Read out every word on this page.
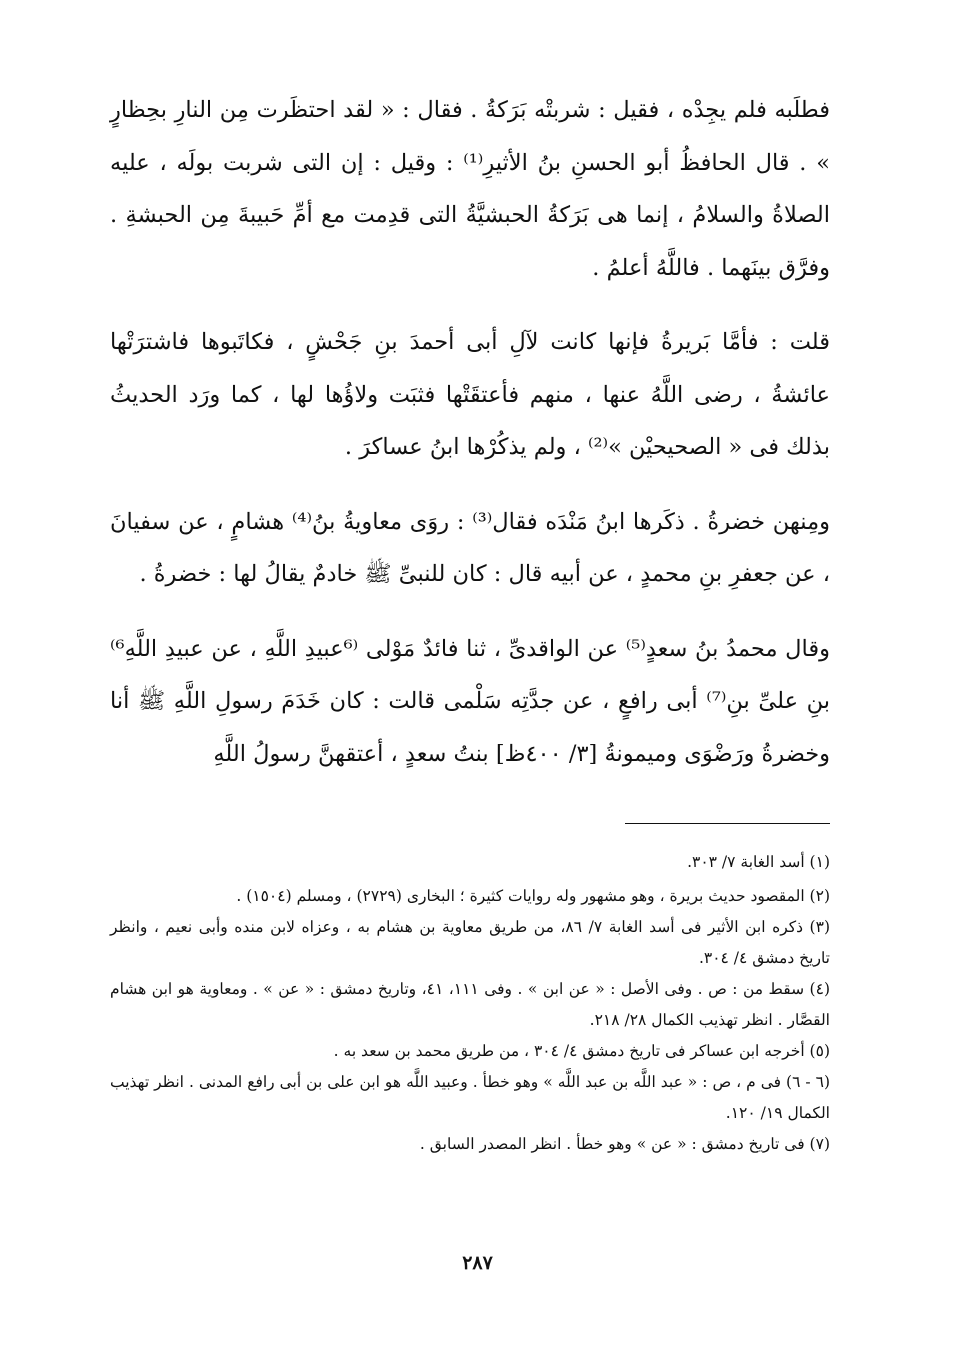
فطلَبه فلم يجِدْه ، فقيل : شربتْه بَرَكةُ . فقال : « لقد احتظَرت مِن النارِ بحِظارٍ » . قال الحافظُ أبو الحسنِ بنُ الأثيرِ⁽¹⁾ : وقيل : إن التى شربت بولَه ، عليه الصلاةُ والسلامُ ، إنما هى بَرَكةُ الحبشيَّةُ التى قدِمت مع أمِّ حَبيبةَ مِن الحبشةِ . وفرَّق بينَهما . فاللَّهُ أعلمُ .

قلت : فأمَّا بَريرةُ فإنها كانت لآلِ أبى أحمدَ بنِ جَحْشٍ ، فكاتَبوها فاشترَتْها عائشةُ ، رضى اللَّهُ عنها ، منهم فأعتقَتْها فثبَت ولاؤُها لها ، كما ورَد الحديثُ بذلك فى « الصحيحيْن »⁽²⁾ ، ولم يذكُرْها ابنُ عساكرَ .

ومِنهن خضرةُ . ذكَرها ابنُ مَنْدَه فقال⁽³⁾ : روَى معاويةُ بنُ⁽⁴⁾ هشامٍ ، عن سفيانَ ، عن جعفرِ بنِ محمدٍ ، عن أبيه قال : كان للنبىِّ ﷺ خادمٌ يقالُ لها : خضرةُ .

وقال محمدُ بنُ سعدٍ⁽⁵⁾ عن الواقدىِّ ، ثنا فائدٌ مَوْلى ⁽⁶عبيدِ اللَّهِ ، عن عبيدِ اللَّهِ⁶⁾ بنِ علىِّ بنِ⁽⁷⁾ أبى رافعٍ ، عن جدَّتِه سَلْمى قالت : كان خَدَمَ رسولِ اللَّهِ ﷺ أنا وخضرةُ ورَضْوَى وميمونةُ [٣/ ٤٠٠ظ] بنتُ سعدٍ ، أعتقهنَّ رسولُ اللَّهِ

(١) أسد الغابة ٧/ ٣٠٣.

(٢) المقصود حديث بريرة ، وهو مشهور وله روايات كثيرة ؛ البخارى (٢٧٢٩) ، ومسلم (١٥٠٤) .

(٣) ذكره ابن الأثير فى أسد الغابة ٧/ ٨٦، من طريق معاوية بن هشام به ، وعزاه لابن منده وأبى نعيم ، وانظر تاريخ دمشق ٤/ ٣٠٤.

(٤) سقط من : ص . وفى الأصل : « عن ابن » . وفى ١١١، ٤١، وتاريخ دمشق : « عن » . ومعاوية هو ابن هشام القصَّار . انظر تهذيب الكمال ٢٨/ ٢١٨.

(٥) أخرجه ابن عساكر فى تاريخ دمشق ٤/ ٣٠٤ ، من طريق محمد بن سعد به .

(٦ - ٦) فى م ، ص : « عبد اللَّه بن عبد اللَّه » وهو خطأ . وعبيد اللَّه هو ابن على بن أبى رافع المدنى . انظر تهذيب الكمال ١٩/ ١٢٠.

(٧) فى تاريخ دمشق : « عن » وهو خطأ . انظر المصدر السابق .

٢٨٧
